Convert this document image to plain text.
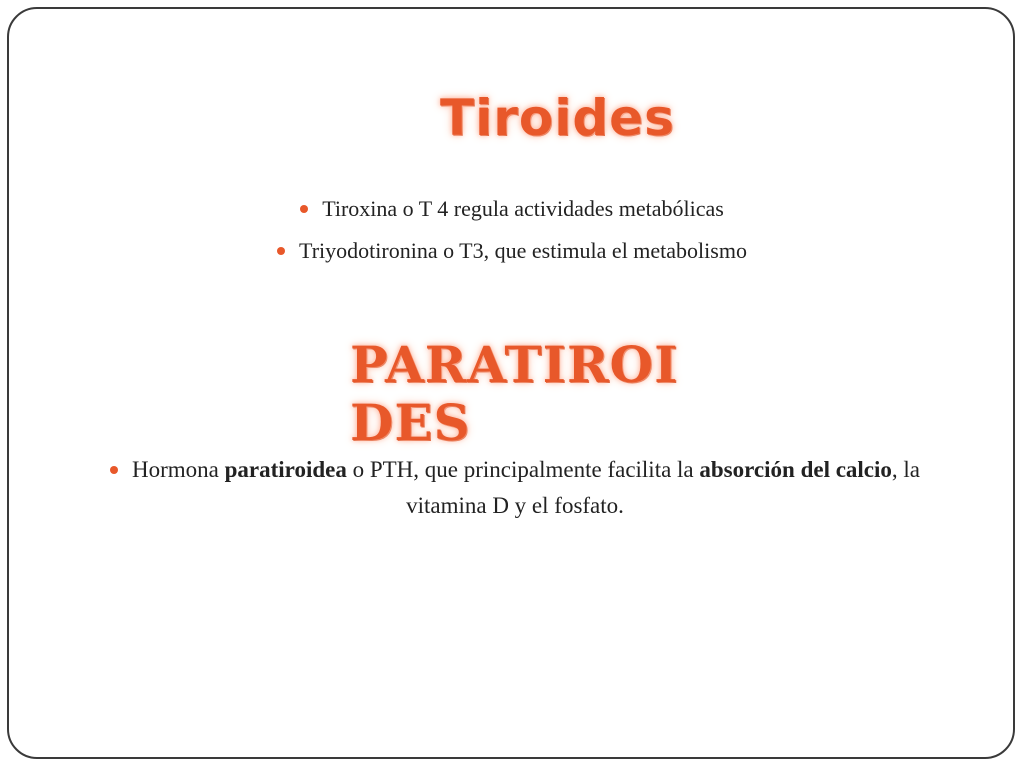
Tiroides
Tiroxina o T 4 regula actividades metabólicas
Triyodotironina o T3, que estimula el metabolismo
PARATIROIDES
Hormona paratiroidea o PTH, que principalmente facilita la absorción del calcio, la vitamina D y el fosfato.
